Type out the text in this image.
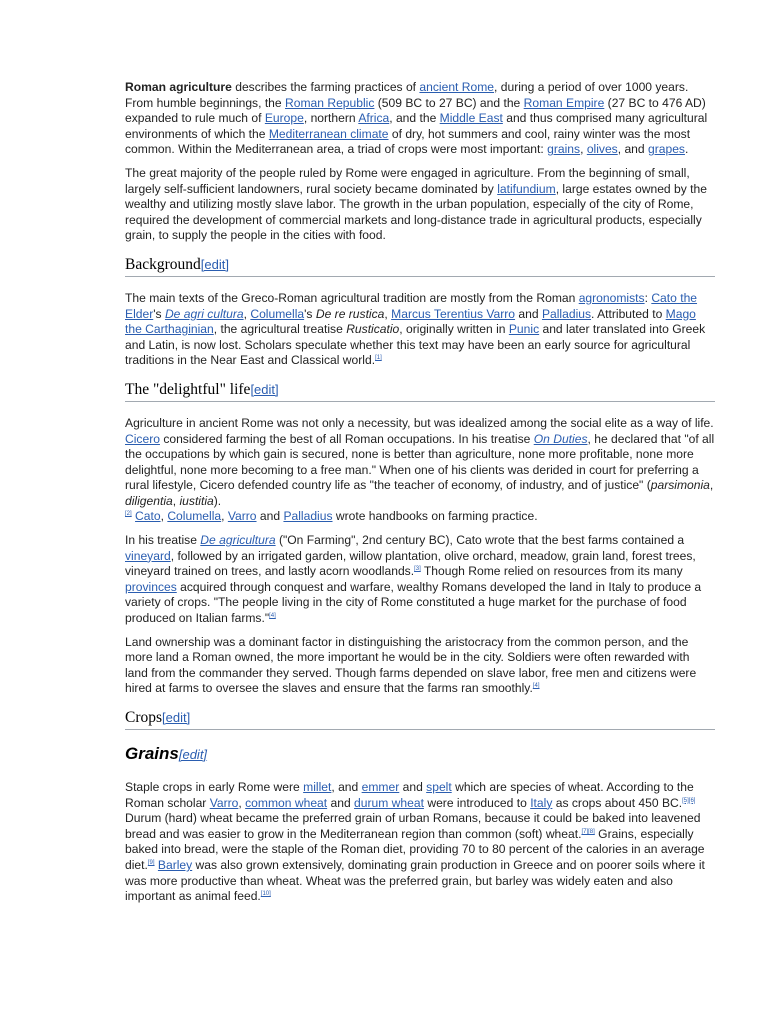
Roman agriculture describes the farming practices of ancient Rome, during a period of over 1000 years. From humble beginnings, the Roman Republic (509 BC to 27 BC) and the Roman Empire (27 BC to 476 AD) expanded to rule much of Europe, northern Africa, and the Middle East and thus comprised many agricultural environments of which the Mediterranean climate of dry, hot summers and cool, rainy winter was the most common. Within the Mediterranean area, a triad of crops were most important: grains, olives, and grapes.

The great majority of the people ruled by Rome were engaged in agriculture. From the beginning of small, largely self-sufficient landowners, rural society became dominated by latifundium, large estates owned by the wealthy and utilizing mostly slave labor. The growth in the urban population, especially of the city of Rome, required the development of commercial markets and long-distance trade in agricultural products, especially grain, to supply the people in the cities with food.

Background[edit]

The main texts of the Greco-Roman agricultural tradition are mostly from the Roman agronomists: Cato the Elder's De agri cultura, Columella's De re rustica, Marcus Terentius Varro and Palladius. Attributed to Mago the Carthaginian, the agricultural treatise Rusticatio, originally written in Punic and later translated into Greek and Latin, is now lost. Scholars speculate whether this text may have been an early source for agricultural traditions in the Near East and Classical world.[1]

The "delightful" life[edit]

Agriculture in ancient Rome was not only a necessity, but was idealized among the social elite as a way of life. Cicero considered farming the best of all Roman occupations. In his treatise On Duties, he declared that "of all the occupations by which gain is secured, none is better than agriculture, none more profitable, none more delightful, none more becoming to a free man." When one of his clients was derided in court for preferring a rural lifestyle, Cicero defended country life as "the teacher of economy, of industry, and of justice" (parsimonia, diligentia, iustitia).
[2] Cato, Columella, Varro and Palladius wrote handbooks on farming practice.

In his treatise De agricultura ("On Farming", 2nd century BC), Cato wrote that the best farms contained a vineyard, followed by an irrigated garden, willow plantation, olive orchard, meadow, grain land, forest trees, vineyard trained on trees, and lastly acorn woodlands.[3] Though Rome relied on resources from its many provinces acquired through conquest and warfare, wealthy Romans developed the land in Italy to produce a variety of crops. "The people living in the city of Rome constituted a huge market for the purchase of food produced on Italian farms."[4]

Land ownership was a dominant factor in distinguishing the aristocracy from the common person, and the more land a Roman owned, the more important he would be in the city. Soldiers were often rewarded with land from the commander they served. Though farms depended on slave labor, free men and citizens were hired at farms to oversee the slaves and ensure that the farms ran smoothly.[4]

Crops[edit]
Grains[edit]

Staple crops in early Rome were millet, and emmer and spelt which are species of wheat. According to the Roman scholar Varro, common wheat and durum wheat were introduced to Italy as crops about 450 BC.[5][6] Durum (hard) wheat became the preferred grain of urban Romans, because it could be baked into leavened bread and was easier to grow in the Mediterranean region than common (soft) wheat.[7][8] Grains, especially baked into bread, were the staple of the Roman diet, providing 70 to 80 percent of the calories in an average diet.[9] Barley was also grown extensively, dominating grain production in Greece and on poorer soils where it was more productive than wheat. Wheat was the preferred grain, but barley was widely eaten and also important as animal feed.[10]
